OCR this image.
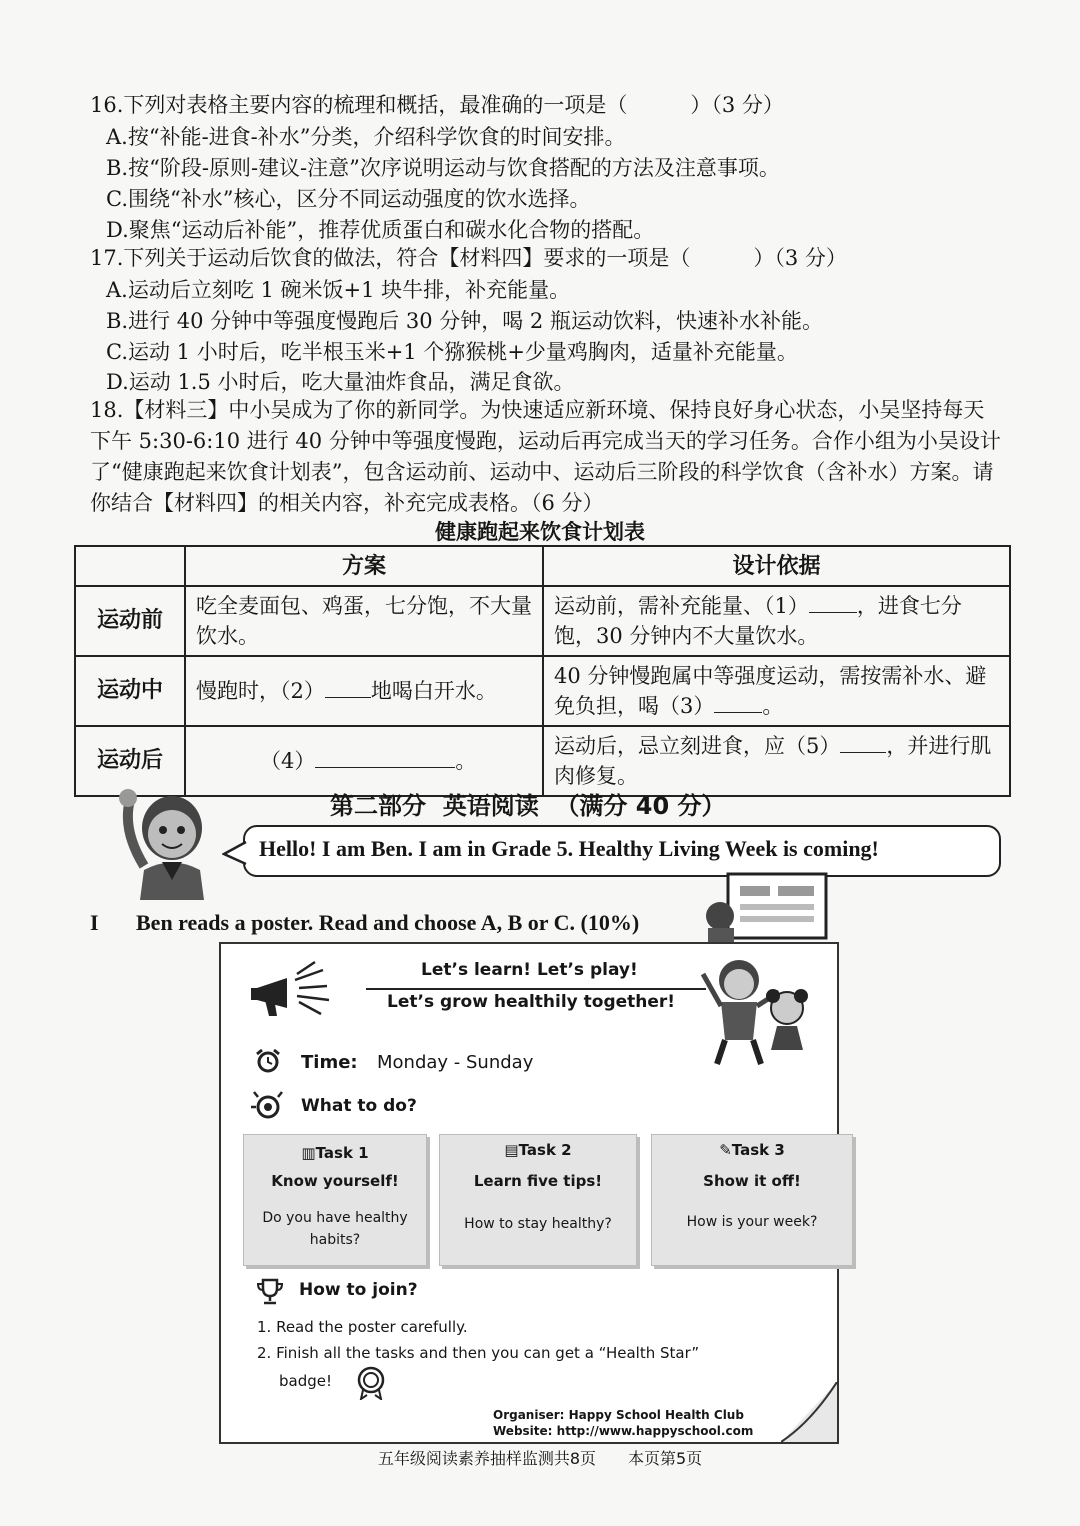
16.下列对表格主要内容的梳理和概括，最准确的一项是（　　　）（3 分）
A.按“补能-进食-补水”分类，介绍科学饮食的时间安排。
B.按“阶段-原则-建议-注意”次序说明运动与饮食搭配的方法及注意事项。
C.围绕“补水”核心，区分不同运动强度的饮水选择。
D.聚焦“运动后补能”，推荐优质蛋白和碳水化合物的搭配。
17.下列关于运动后饮食的做法，符合【材料四】要求的一项是（　　　）（3 分）
A.运动后立刻吃 1 碗米饭+1 块牛排，补充能量。
B.进行 40 分钟中等强度慢跑后 30 分钟，喝 2 瓶运动饮料，快速补水补能。
C.运动 1 小时后，吃半根玉米+1 个猕猴桃+少量鸡胸肉，适量补充能量。
D.运动 1.5 小时后，吃大量油炸食品，满足食欲。
18.【材料三】中小吴成为了你的新同学。为快速适应新环境、保持良好身心状态，小吴坚持每天下午 5:30-6:10 进行 40 分钟中等强度慢跑，运动后再完成当天的学习任务。合作小组为小吴设计了“健康跑起来饮食计划表”，包含运动前、运动中、运动后三阶段的科学饮食（含补水）方案。请你结合【材料四】的相关内容，补充完成表格。（6 分）
健康跑起来饮食计划表
	方案	设计依据
运动前	吃全麦面包、鸡蛋，七分饱，不大量饮水。	运动前，需补充能量、（1） ，进食七分饱，30 分钟内不大量饮水。
运动中	慢跑时，（2） 地喝白开水。	40 分钟慢跑属中等强度运动，需按需补水、避免负担，喝（3） 。
运动后	（4） 。	运动后，忌立刻进食，应（5） ，并进行肌肉修复。
第二部分  英语阅读  （满分 40 分）
Hello! I am Ben. I am in Grade 5. Healthy Living Week is coming!
I Ben reads a poster. Read and choose A, B or C. (10%)
Let’s learn! Let’s play!
Let’s grow healthily together!
Time: Monday - Sunday
What to do?
▥Task 1
Know yourself!
Do you have healthy habits?
▤Task 2
Learn five tips!
How to stay healthy?
✎Task 3
Show it off!
How is your week?
How to join?
1. Read the poster carefully.
2. Finish all the tasks and then you can get a “Health Star”
badge!
Organiser: Happy School Health Club
Website: http://www.happyschool.com
五年级阅读素养抽样监测共8页　　本页第5页
